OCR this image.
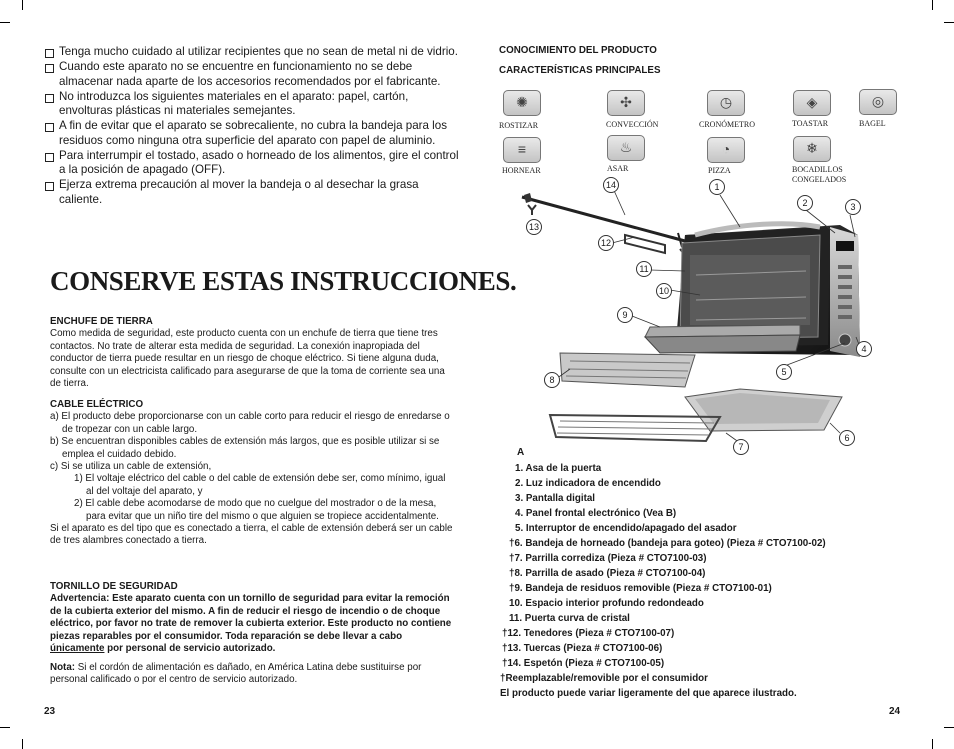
Tenga mucho cuidado al utilizar recipientes que no sean de metal ni de vidrio.
Cuando este aparato no se encuentre en funcionamiento no se debe almacenar nada aparte de los accesorios recomendados por el fabricante.
No introduzca los siguientes materiales en el aparato: papel, cartón, envolturas plásticas ni materiales semejantes.
A fin de evitar que el aparato se sobrecaliente, no cubra la bandeja para los residuos como ninguna otra superficie del aparato con papel de aluminio.
Para interrumpir el tostado, asado o horneado de los alimentos, gire el control a la posición de apagado (OFF).
Ejerza extrema precaución al mover la bandeja o al desechar la grasa caliente.
CONSERVE ESTAS INSTRUCCIONES.
ENCHUFE DE TIERRA

Como medida de seguridad, este producto cuenta con un enchufe de tierra que tiene tres contactos. No trate de alterar esta medida de seguridad. La conexión inapropiada del conductor de tierra puede resultar en un riesgo de choque eléctrico. Si tiene alguna duda, consulte con un electricista calificado para asegurarse de que la toma de corriente sea una de tierra.

CABLE ELÉCTRICO

a) El producto debe proporcionarse con un cable corto para reducir el riesgo de enredarse o de tropezar con un cable largo.

b) Se encuentran disponibles cables de extensión más largos, que es posible utilizar si se emplea el cuidado debido.

c) Si se utiliza un cable de extensión,

1) El voltaje eléctrico del cable o del cable de extensión debe ser, como mínimo, igual al del voltaje del aparato, y

2) El cable debe acomodarse de modo que no cuelgue del mostrador o de la mesa, para evitar que un niño tire del mismo o que alguien se tropiece accidentalmente.

Si el aparato es del tipo que es conectado a tierra, el cable de extensión deberá ser un cable de tres alambres conectado a tierra.

TORNILLO DE SEGURIDAD

Advertencia: Este aparato cuenta con un tornillo de seguridad para evitar la remoción de la cubierta exterior del mismo. A fin de reducir el riesgo de incendio o de choque eléctrico, por favor no trate de remover la cubierta exterior. Este producto no contiene piezas reparables por el consumidor. Toda reparación se debe llevar a cabo únicamente por personal de servicio autorizado.

Nota: Si el cordón de alimentación es dañado, en América Latina debe sustituirse por personal calificado o por el centro de servicio autorizado.

23
CONOCIMIENTO DEL PRODUCTO
CARACTERÍSTICAS PRINCIPALES
✺
ROSTIZAR
✣
CONVECCIÓN
◷
CRONÓMETRO
◈
TOASTAR
◎
BAGEL
≡
HORNEAR
♨
ASAR
◔
PIZZA
❄
BOCADILLOS CONGELADOS
1
2	3
4
5
6
7
8
9
10
11
12
13
14
A
1. Asa de la puerta
2. Luz indicadora de encendido
3. Pantalla digital
4. Panel frontal electrónico (Vea B)
5. Interruptor de encendido/apagado del asador
†6. Bandeja de horneado (bandeja para goteo) (Pieza # CTO7100-02)
†7. Parrilla corrediza (Pieza # CTO7100-03)
†8. Parrilla de asado (Pieza # CTO7100-04)
†9. Bandeja de residuos removible (Pieza # CTO7100-01)
10. Espacio interior profundo redondeado
11. Puerta curva de cristal
†12. Tenedores (Pieza # CTO7100-07)
†13. Tuercas (Pieza # CTO7100-06)
†14. Espetón (Pieza # CTO7100-05)
†Reemplazable/removible por el consumidor
El producto puede variar ligeramente del que aparece ilustrado.
24
